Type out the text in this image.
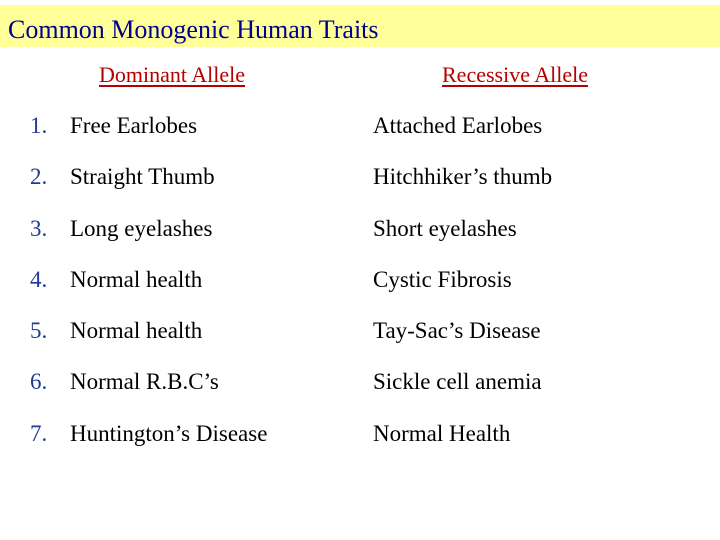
Common Monogenic Human Traits
Dominant Allele	Recessive Allele
1. Free Earlobes	Attached Earlobes
2. Straight Thumb	Hitchhiker’s thumb
3. Long eyelashes	Short eyelashes
4. Normal health	Cystic Fibrosis
5. Normal health	Tay-Sac’s Disease
6. Normal R.B.C’s	Sickle cell anemia
7. Huntington’s Disease	Normal Health
